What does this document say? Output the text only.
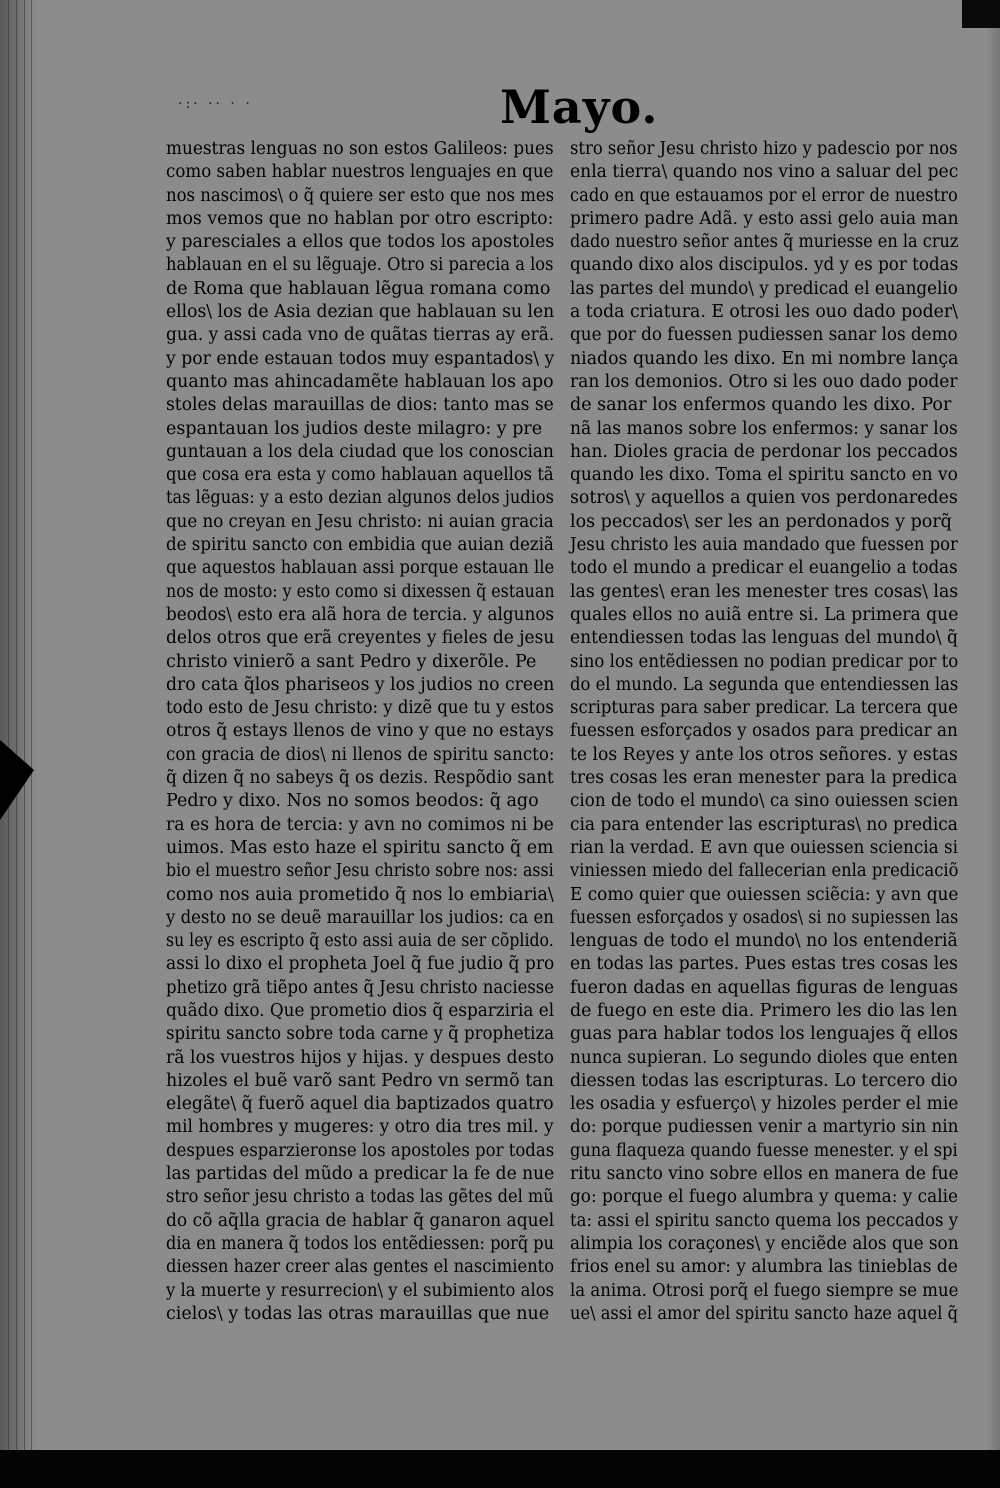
·:· ·· · ·	Mayo.
muestras lenguas no son estos Galileos: pues
como saben hablar nuestros lenguajes en que
nos nascimos\ o q̃ quiere ser esto que nos mes
mos vemos que no hablan por otro escripto:
y paresciales a ellos que todos los apostoles
hablauan en el su lẽguaje. Otro si parecia a los
de Roma que hablauan lẽgua romana como
ellos\ los de Asia dezian que hablauan su len
gua. y assi cada vno de quãtas tierras ay erã.
y por ende estauan todos muy espantados\ y
quanto mas ahincadamẽte hablauan los apo
stoles delas marauillas de dios: tanto mas se
espantauan los judios deste milagro: y pre
guntauan a los dela ciudad que los conoscian
que cosa era esta y como hablauan aquellos tã
tas lẽguas: y a esto dezian algunos delos judios
que no creyan en Jesu christo: ni auian gracia
de spiritu sancto con embidia que auian deziã
que aquestos hablauan assi porque estauan lle
nos de mosto: y esto como si dixessen q̃ estauan
beodos\ esto era alã hora de tercia. y algunos
delos otros que erã creyentes y fieles de jesu
christo vinierõ a sant Pedro y dixerõle. Pe
dro cata q̃los phariseos y los judios no creen
todo esto de Jesu christo: y dizẽ que tu y estos
otros q̃ estays llenos de vino y que no estays
con gracia de dios\ ni llenos de spiritu sancto:
q̃ dizen q̃ no sabeys q̃ os dezis. Respõdio sant
Pedro y dixo. Nos no somos beodos: q̃ ago
ra es hora de tercia: y avn no comimos ni be
uimos. Mas esto haze el spiritu sancto q̃ em
bio el muestro señor Jesu christo sobre nos: assi
como nos auia prometido q̃ nos lo embiaria\
y desto no se deuẽ marauillar los judios: ca en
su ley es escripto q̃ esto assi auia de ser cõplido.
assi lo dixo el propheta Joel q̃ fue judio q̃ pro
phetizo grã tiẽpo antes q̃ Jesu christo naciesse
quãdo dixo. Que prometio dios q̃ esparziria el
spiritu sancto sobre toda carne y q̃ prophetiza
rã los vuestros hijos y hijas. y despues desto
hizoles el buẽ varõ sant Pedro vn sermõ tan
elegãte\ q̃ fuerõ aquel dia baptizados quatro
mil hombres y mugeres: y otro dia tres mil. y
despues esparzieronse los apostoles por todas
las partidas del mũdo a predicar la fe de nue
stro señor jesu christo a todas las gẽtes del mũ
do cõ aq̃lla gracia de hablar q̃ ganaron aquel
dia en manera q̃ todos los entẽdiessen: porq̃ pu
diessen hazer creer alas gentes el nascimiento
y la muerte y resurrecion\ y el subimiento alos
cielos\ y todas las otras marauillas que nue
stro señor Jesu christo hizo y padescio por nos
enla tierra\ quando nos vino a saluar del pec
cado en que estauamos por el error de nuestro
primero padre Adã. y esto assi gelo auia man
dado nuestro señor antes q̃ muriesse en la cruz
quando dixo alos discipulos. yd y es por todas
las partes del mundo\ y predicad el euangelio
a toda criatura. E otrosi les ouo dado poder\
que por do fuessen pudiessen sanar los demo
niados quando les dixo. En mi nombre lança
ran los demonios. Otro si les ouo dado poder
de sanar los enfermos quando les dixo. Por
nã las manos sobre los enfermos: y sanar los
han. Dioles gracia de perdonar los peccados
quando les dixo. Toma el spiritu sancto en vo
sotros\ y aquellos a quien vos perdonaredes
los peccados\ ser les an perdonados y porq̃
Jesu christo les auia mandado que fuessen por
todo el mundo a predicar el euangelio a todas
las gentes\ eran les menester tres cosas\ las
quales ellos no auiã entre si. La primera que
entendiessen todas las lenguas del mundo\ q̃
sino los entẽdiessen no podian predicar por to
do el mundo. La segunda que entendiessen las
scripturas para saber predicar. La tercera que
fuessen esforçados y osados para predicar an
te los Reyes y ante los otros señores. y estas
tres cosas les eran menester para la predica
cion de todo el mundo\ ca sino ouiessen scien
cia para entender las escripturas\ no predica
rian la verdad. E avn que ouiessen sciencia si
viniessen miedo del fallecerian enla predicaciõ
E como quier que ouiessen sciẽcia: y avn que
fuessen esforçados y osados\ si no supiessen las
lenguas de todo el mundo\ no los entenderiã
en todas las partes. Pues estas tres cosas les
fueron dadas en aquellas figuras de lenguas
de fuego en este dia. Primero les dio las len
guas para hablar todos los lenguajes q̃ ellos
nunca supieran. Lo segundo dioles que enten
diessen todas las escripturas. Lo tercero dio
les osadia y esfuerço\ y hizoles perder el mie
do: porque pudiessen venir a martyrio sin nin
guna flaqueza quando fuesse menester. y el spi
ritu sancto vino sobre ellos en manera de fue
go: porque el fuego alumbra y quema: y calie
ta: assi el spiritu sancto quema los peccados y
alimpia los coraçones\ y enciẽde alos que son
frios enel su amor: y alumbra las tinieblas de
la anima. Otrosi porq̃ el fuego siempre se mue
ue\ assi el amor del spiritu sancto haze aquel q̃
